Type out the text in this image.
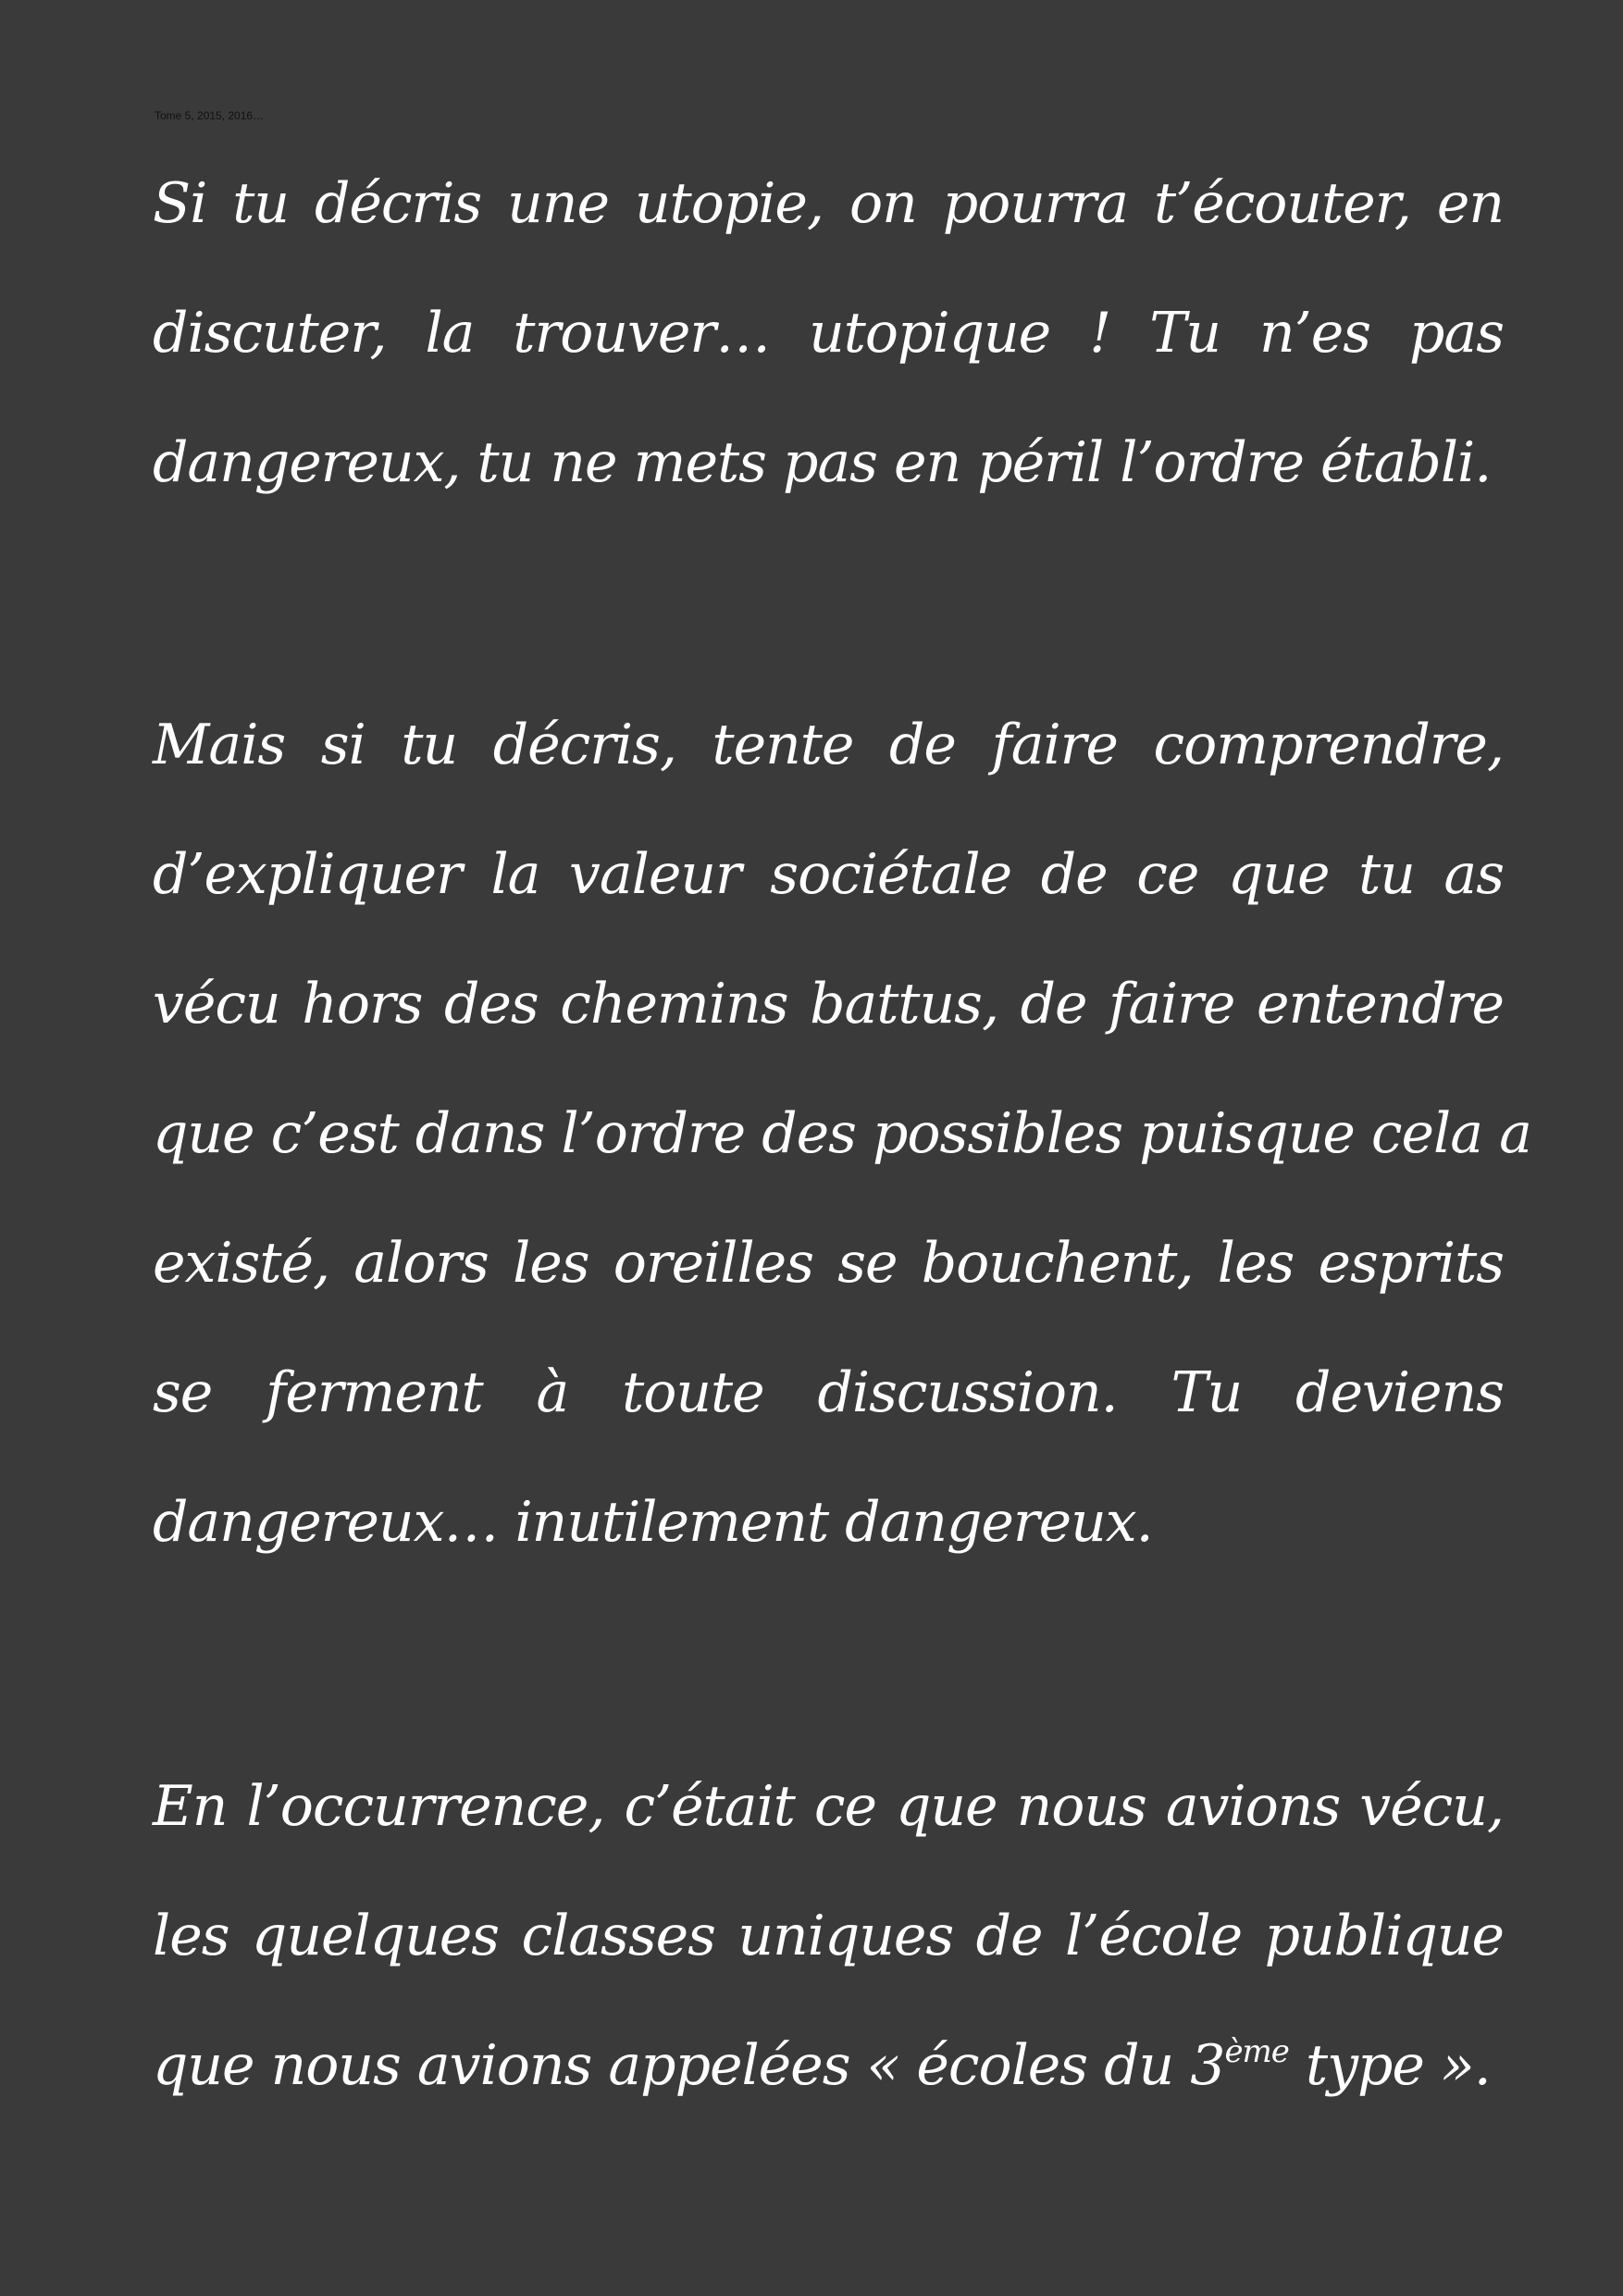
Tome 5, 2015, 2016…
Si tu décris une utopie, on pourra t’écouter, en
discuter, la trouver… utopique ! Tu n’es pas
dangereux, tu ne mets pas en péril l’ordre établi.
Mais si tu décris, tente de faire comprendre,
d’expliquer la valeur sociétale de ce que tu as
vécu hors des chemins battus, de faire entendre
que c’est dans l’ordre des possibles puisque cela a
existé, alors les oreilles se bouchent, les esprits
se ferment à toute discussion. Tu deviens
dangereux… inutilement dangereux.
En l’occurrence, c’était ce que nous avions vécu,
les quelques classes uniques de l’école publique
que nous avions appelées « écoles du 3ème type ».
